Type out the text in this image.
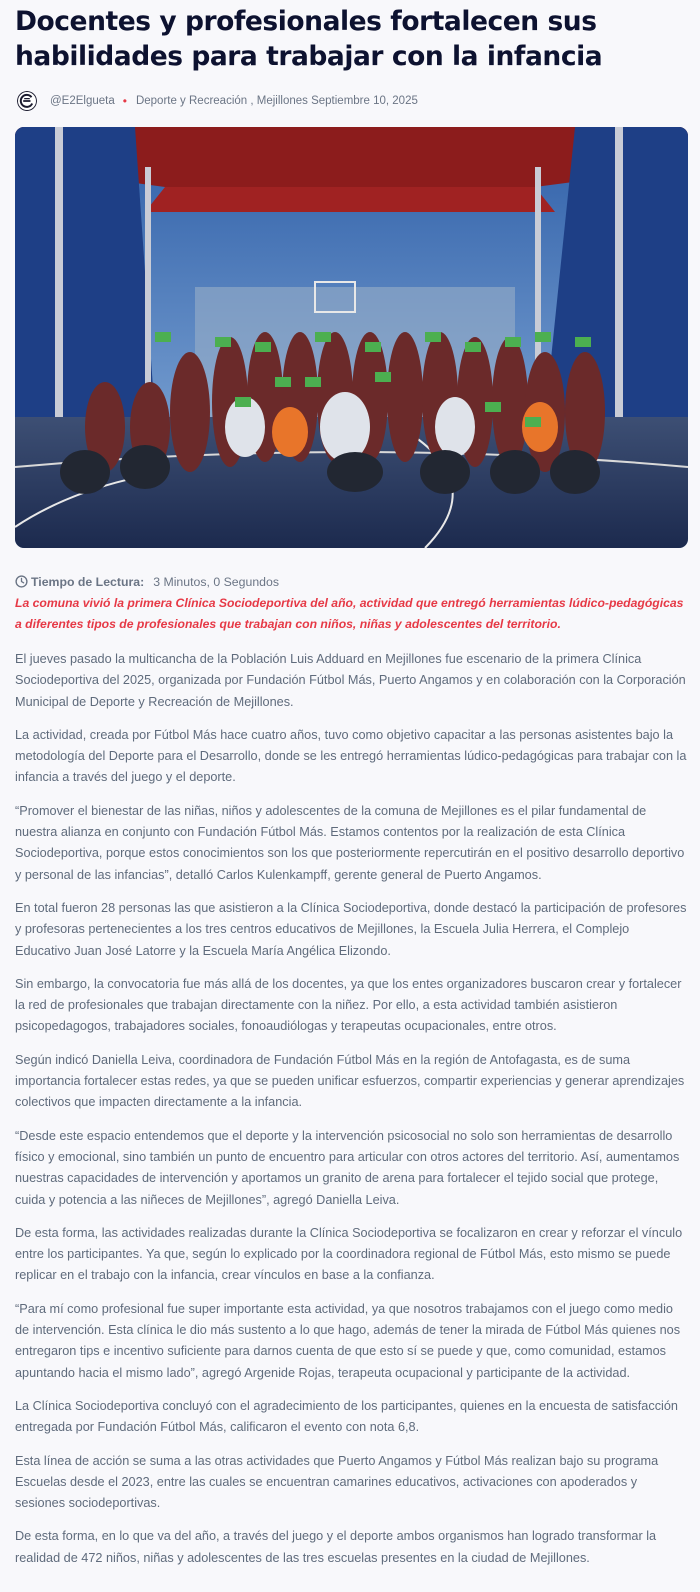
Docentes y profesionales fortalecen sus habilidades para trabajar con la infancia
@E2Elgueta • Deporte y Recreación , Mejillones Septiembre 10, 2025
Tiempo de Lectura: 3 Minutos, 0 Segundos

La comuna vivió la primera Clínica Sociodeportiva del año, actividad que entregó herramientas lúdico-pedagógicas a diferentes tipos de profesionales que trabajan con niños, niñas y adolescentes del territorio.

El jueves pasado la multicancha de la Población Luis Adduard en Mejillones fue escenario de la primera Clínica Sociodeportiva del 2025, organizada por Fundación Fútbol Más, Puerto Angamos y en colaboración con la Corporación Municipal de Deporte y Recreación de Mejillones.

La actividad, creada por Fútbol Más hace cuatro años, tuvo como objetivo capacitar a las personas asistentes bajo la metodología del Deporte para el Desarrollo, donde se les entregó herramientas lúdico-pedagógicas para trabajar con la infancia a través del juego y el deporte.

“Promover el bienestar de las niñas, niños y adolescentes de la comuna de Mejillones es el pilar fundamental de nuestra alianza en conjunto con Fundación Fútbol Más. Estamos contentos por la realización de esta Clínica Sociodeportiva, porque estos conocimientos son los que posteriormente repercutirán en el positivo desarrollo deportivo y personal de las infancias”, detalló Carlos Kulenkampff, gerente general de Puerto Angamos.

En total fueron 28 personas las que asistieron a la Clínica Sociodeportiva, donde destacó la participación de profesores y profesoras pertenecientes a los tres centros educativos de Mejillones, la Escuela Julia Herrera, el Complejo Educativo Juan José Latorre y la Escuela María Angélica Elizondo.

Sin embargo, la convocatoria fue más allá de los docentes, ya que los entes organizadores buscaron crear y fortalecer la red de profesionales que trabajan directamente con la niñez. Por ello, a esta actividad también asistieron psicopedagogos, trabajadores sociales, fonoaudiólogas y terapeutas ocupacionales, entre otros.

Según indicó Daniella Leiva, coordinadora de Fundación Fútbol Más en la región de Antofagasta, es de suma importancia fortalecer estas redes, ya que se pueden unificar esfuerzos, compartir experiencias y generar aprendizajes colectivos que impacten directamente a la infancia.

“Desde este espacio entendemos que el deporte y la intervención psicosocial no solo son herramientas de desarrollo físico y emocional, sino también un punto de encuentro para articular con otros actores del territorio. Así, aumentamos nuestras capacidades de intervención y aportamos un granito de arena para fortalecer el tejido social que protege, cuida y potencia a las niñeces de Mejillones”, agregó Daniella Leiva.

De esta forma, las actividades realizadas durante la Clínica Sociodeportiva se focalizaron en crear y reforzar el vínculo entre los participantes. Ya que, según lo explicado por la coordinadora regional de Fútbol Más, esto mismo se puede replicar en el trabajo con la infancia, crear vínculos en base a la confianza.

“Para mí como profesional fue super importante esta actividad, ya que nosotros trabajamos con el juego como medio de intervención. Esta clínica le dio más sustento a lo que hago, además de tener la mirada de Fútbol Más quienes nos entregaron tips e incentivo suficiente para darnos cuenta de que esto sí se puede y que, como comunidad, estamos apuntando hacia el mismo lado”, agregó Argenide Rojas, terapeuta ocupacional y participante de la actividad.

La Clínica Sociodeportiva concluyó con el agradecimiento de los participantes, quienes en la encuesta de satisfacción entregada por Fundación Fútbol Más, calificaron el evento con nota 6,8.

Esta línea de acción se suma a las otras actividades que Puerto Angamos y Fútbol Más realizan bajo su programa Escuelas desde el 2023, entre las cuales se encuentran camarines educativos, activaciones con apoderados y sesiones sociodeportivas.

De esta forma, en lo que va del año, a través del juego y el deporte ambos organismos han logrado transformar la realidad de 472 niños, niñas y adolescentes de las tres escuelas presentes en la ciudad de Mejillones.
